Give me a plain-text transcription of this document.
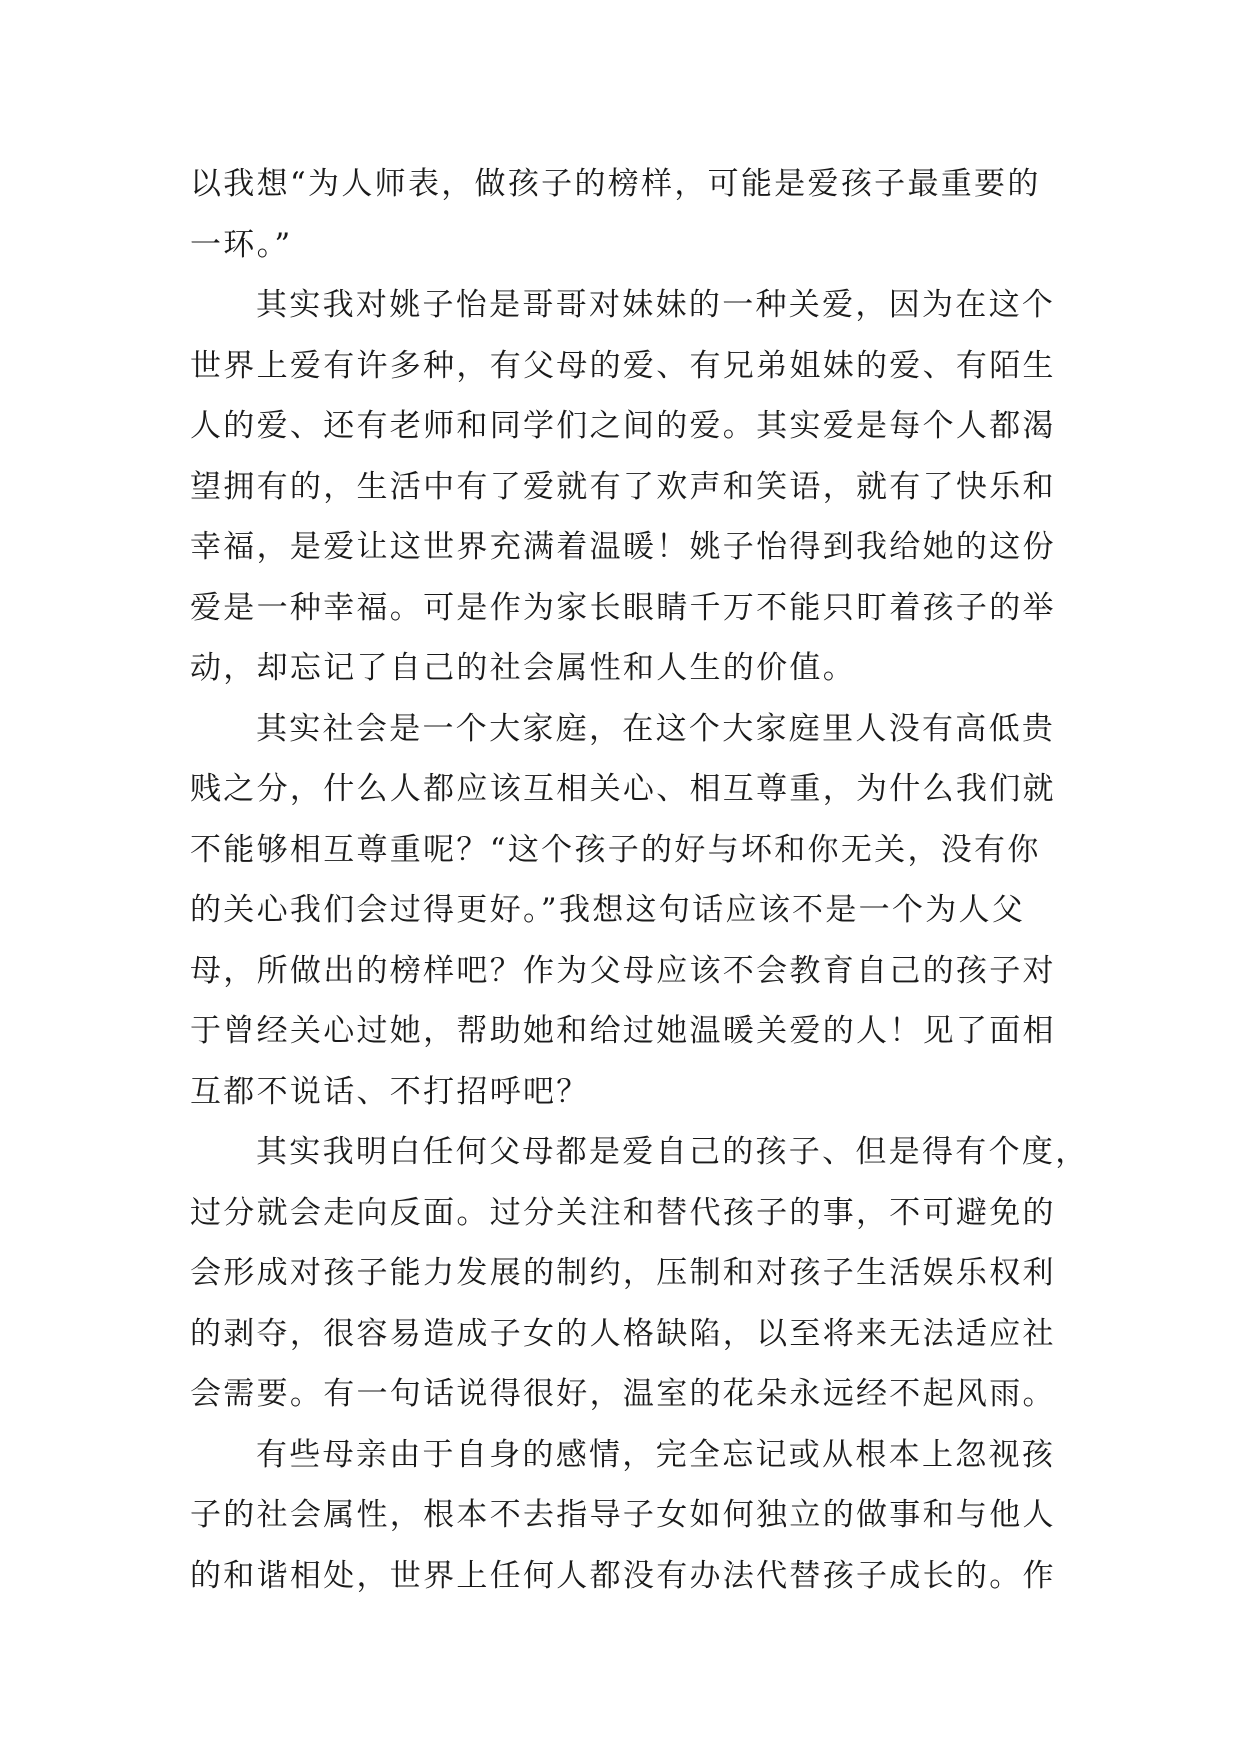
以我想“为人师表，做孩子的榜样，可能是爱孩子最重要的
一环。”
其实我对姚子怡是哥哥对妹妹的一种关爱，因为在这个
世界上爱有许多种，有父母的爱、有兄弟姐妹的爱、有陌生
人的爱、还有老师和同学们之间的爱。其实爱是每个人都渴
望拥有的，生活中有了爱就有了欢声和笑语，就有了快乐和
幸福，是爱让这世界充满着温暖！姚子怡得到我给她的这份
爱是一种幸福。可是作为家长眼睛千万不能只盯着孩子的举
动，却忘记了自己的社会属性和人生的价值。
其实社会是一个大家庭，在这个大家庭里人没有高低贵
贱之分，什么人都应该互相关心、相互尊重，为什么我们就
不能够相互尊重呢？“这个孩子的好与坏和你无关，没有你
的关心我们会过得更好。”我想这句话应该不是一个为人父
母，所做出的榜样吧？作为父母应该不会教育自己的孩子对
于曾经关心过她，帮助她和给过她温暖关爱的人！见了面相
互都不说话、不打招呼吧？
其实我明白任何父母都是爱自己的孩子、但是得有个度，
过分就会走向反面。过分关注和替代孩子的事，不可避免的
会形成对孩子能力发展的制约，压制和对孩子生活娱乐权利
的剥夺，很容易造成子女的人格缺陷，以至将来无法适应社
会需要。有一句话说得很好，温室的花朵永远经不起风雨。
有些母亲由于自身的感情，完全忘记或从根本上忽视孩
子的社会属性，根本不去指导子女如何独立的做事和与他人
的和谐相处，世界上任何人都没有办法代替孩子成长的。作
